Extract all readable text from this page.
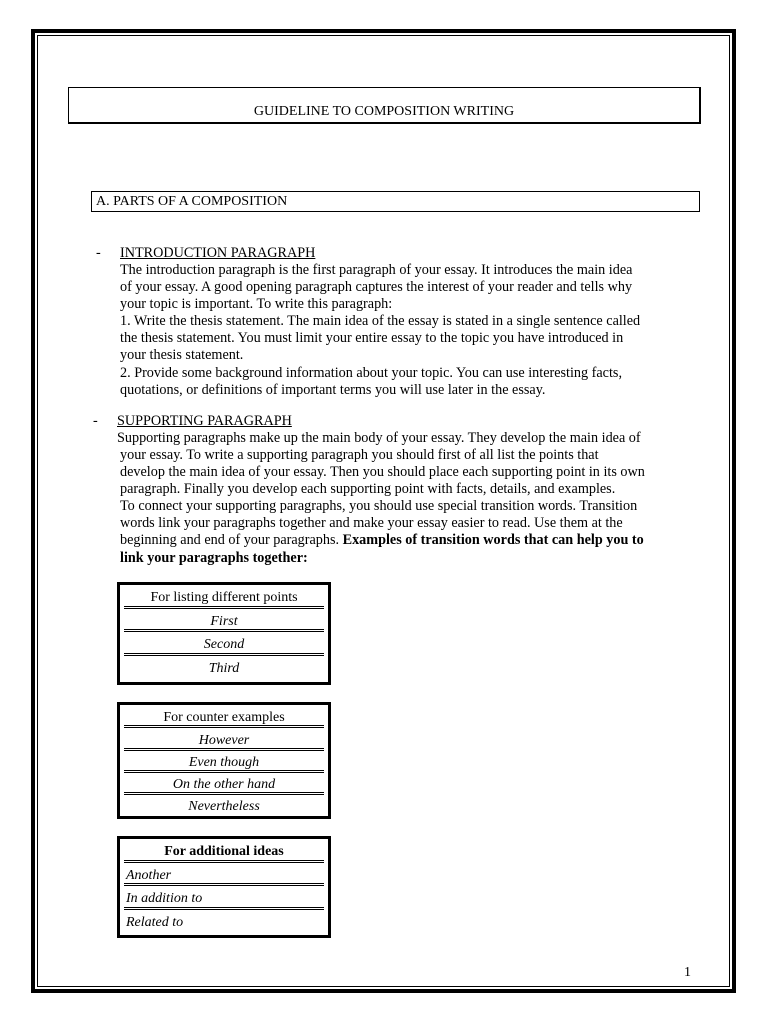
GUIDELINE TO COMPOSITION WRITING
A. PARTS OF A COMPOSITION
- INTRODUCTION PARAGRAPH
The introduction paragraph is the first paragraph of your essay. It introduces the main idea
of your essay. A good opening paragraph captures the interest of your reader and tells why
your topic is important. To write this paragraph:
1. Write the thesis statement. The main idea of the essay is stated in a single sentence called
the thesis statement. You must limit your entire essay to the topic you have introduced in
your thesis statement.
2. Provide some background information about your topic. You can use interesting facts,
quotations, or definitions of important terms you will use later in the essay.
- SUPPORTING PARAGRAPH
Supporting paragraphs make up the main body of your essay. They develop the main idea of
your essay. To write a supporting paragraph you should first of all list the points that
develop the main idea of your essay. Then you should place each supporting point in its own
paragraph. Finally you develop each supporting point with facts, details, and examples.
To connect your supporting paragraphs, you should use special transition words. Transition
words link your paragraphs together and make your essay easier to read. Use them at the
beginning and end of your paragraphs. Examples of transition words that can help you to
link your paragraphs together:
For listing different points
First
Second
Third
For counter examples
However
Even though
On the other hand
Nevertheless
For additional ideas
Another
In addition to
Related to
1
